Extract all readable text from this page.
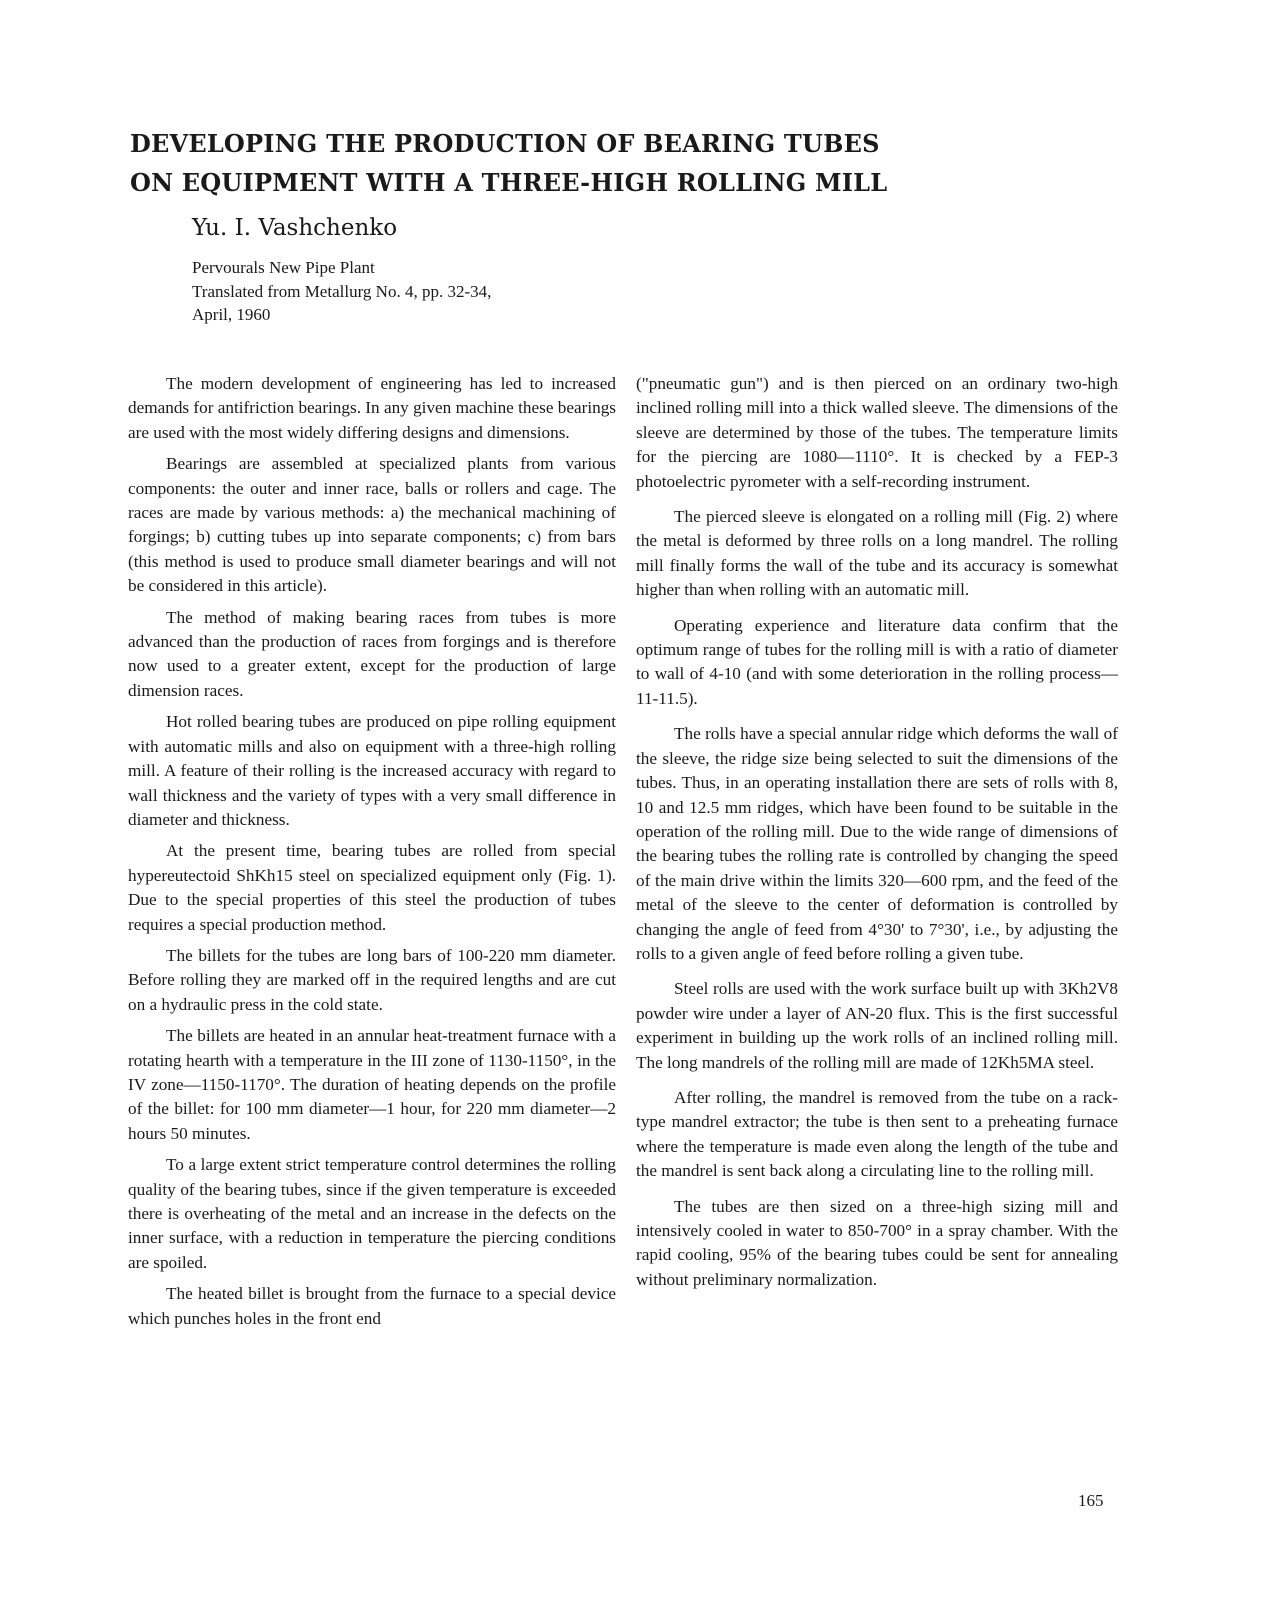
DEVELOPING THE PRODUCTION OF BEARING TUBES
ON EQUIPMENT WITH A THREE-HIGH ROLLING MILL
Yu. I. Vashchenko
Pervourals New Pipe Plant
Translated from Metallurg No. 4, pp. 32-34,
April, 1960

The modern development of engineering has led to increased demands for antifriction bearings. In any given machine these bearings are used with the most widely differing designs and dimensions.

Bearings are assembled at specialized plants from various components: the outer and inner race, balls or rollers and cage. The races are made by various methods: a) the mechanical machining of forgings; b) cutting tubes up into separate components; c) from bars (this method is used to produce small diameter bearings and will not be considered in this article).

The method of making bearing races from tubes is more advanced than the production of races from forgings and is therefore now used to a greater extent, except for the production of large dimension races.

Hot rolled bearing tubes are produced on pipe rolling equipment with automatic mills and also on equipment with a three-high rolling mill. A feature of their rolling is the increased accuracy with regard to wall thickness and the variety of types with a very small difference in diameter and thickness.

At the present time, bearing tubes are rolled from special hypereutectoid ShKh15 steel on specialized equipment only (Fig. 1). Due to the special properties of this steel the production of tubes requires a special production method.

The billets for the tubes are long bars of 100-220 mm diameter. Before rolling they are marked off in the required lengths and are cut on a hydraulic press in the cold state.

The billets are heated in an annular heat-treatment furnace with a rotating hearth with a temperature in the III zone of 1130-1150°, in the IV zone—1150-1170°. The duration of heating depends on the profile of the billet: for 100 mm diameter—1 hour, for 220 mm diameter—2 hours 50 minutes.

To a large extent strict temperature control determines the rolling quality of the bearing tubes, since if the given temperature is exceeded there is overheating of the metal and an increase in the defects on the inner surface, with a reduction in temperature the piercing conditions are spoiled.

The heated billet is brought from the furnace to a special device which punches holes in the front end

("pneumatic gun") and is then pierced on an ordinary two-high inclined rolling mill into a thick walled sleeve. The dimensions of the sleeve are determined by those of the tubes. The temperature limits for the piercing are 1080—1110°. It is checked by a FEP-3 photoelectric pyrometer with a self-recording instrument.

The pierced sleeve is elongated on a rolling mill (Fig. 2) where the metal is deformed by three rolls on a long mandrel. The rolling mill finally forms the wall of the tube and its accuracy is somewhat higher than when rolling with an automatic mill.

Operating experience and literature data confirm that the optimum range of tubes for the rolling mill is with a ratio of diameter to wall of 4-10 (and with some deterioration in the rolling process—11-11.5).

The rolls have a special annular ridge which deforms the wall of the sleeve, the ridge size being selected to suit the dimensions of the tubes. Thus, in an operating installation there are sets of rolls with 8, 10 and 12.5 mm ridges, which have been found to be suitable in the operation of the rolling mill. Due to the wide range of dimensions of the bearing tubes the rolling rate is controlled by changing the speed of the main drive within the limits 320—600 rpm, and the feed of the metal of the sleeve to the center of deformation is controlled by changing the angle of feed from 4°30' to 7°30', i.e., by adjusting the rolls to a given angle of feed before rolling a given tube.

Steel rolls are used with the work surface built up with 3Kh2V8 powder wire under a layer of AN-20 flux. This is the first successful experiment in building up the work rolls of an inclined rolling mill. The long mandrels of the rolling mill are made of 12Kh5MA steel.

After rolling, the mandrel is removed from the tube on a rack-type mandrel extractor; the tube is then sent to a preheating furnace where the temperature is made even along the length of the tube and the mandrel is sent back along a circulating line to the rolling mill.

The tubes are then sized on a three-high sizing mill and intensively cooled in water to 850-700° in a spray chamber. With the rapid cooling, 95% of the bearing tubes could be sent for annealing without preliminary normalization.

165
